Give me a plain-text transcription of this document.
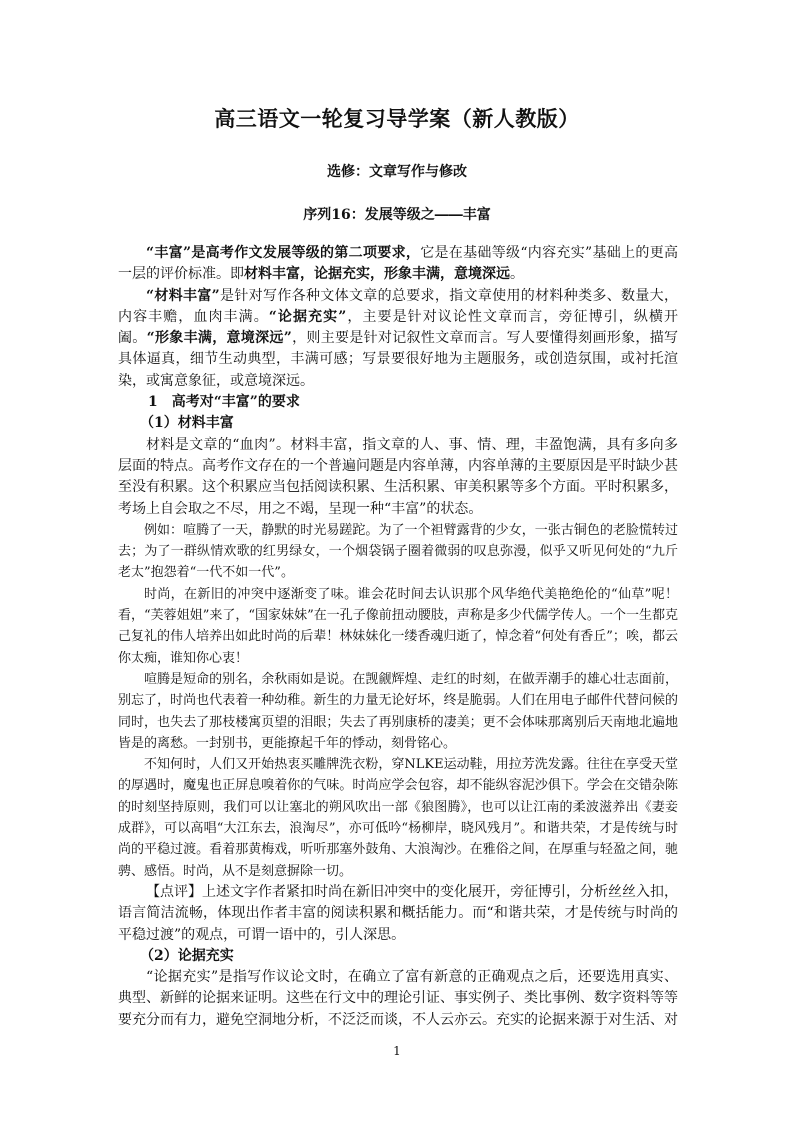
高三语文一轮复习导学案（新人教版）
选修：文章写作与修改
序列16：发展等级之――丰富

“丰富”是高考作文发展等级的第二项要求，它是在基础等级“内容充实”基础上的更高一层的评价标准。即材料丰富，论据充实，形象丰满，意境深远。

“材料丰富”是针对写作各种文体文章的总要求，指文章使用的材料种类多、数量大，内容丰赡，血肉丰满。“论据充实”，主要是针对议论性文章而言，旁征博引，纵横开阖。“形象丰满，意境深远”，则主要是针对记叙性文章而言。写人要懂得刻画形象，描写具体逼真，细节生动典型，丰满可感；写景要很好地为主题服务，或创造氛围，或衬托渲染，或寓意象征，或意境深远。

1　高考对“丰富”的要求

（1）材料丰富

材料是文章的“血肉”。材料丰富，指文章的人、事、情、理，丰盈饱满，具有多向多层面的特点。高考作文存在的一个普遍问题是内容单薄，内容单薄的主要原因是平时缺少甚至没有积累。这个积累应当包括阅读积累、生活积累、审美积累等多个方面。平时积累多，考场上自会取之不尽，用之不竭，呈现一种“丰富”的状态。

例如：喧腾了一天，静默的时光易蹉跎。为了一个袒臂露背的少女，一张古铜色的老脸慌转过去；为了一群纵情欢歌的红男绿女，一个烟袋锅子圈着微弱的叹息弥漫，似乎又听见何处的“九斤老太”抱怨着“一代不如一代”。

时尚，在新旧的冲突中逐渐变了味。谁会花时间去认识那个风华绝代美艳绝伦的“仙草”呢！看，“芙蓉姐姐”来了，“国家妹妹”在一孔子像前扭动腰肢，声称是多少代儒学传人。一个一生都克己复礼的伟人培养出如此时尚的后辈！林妹妹化一缕香魂归逝了，悼念着“何处有香丘”；唉，都云你太痴，谁知你心衷！

喧腾是短命的别名，余秋雨如是说。在觊觎辉煌、走红的时刻，在做弄潮手的雄心壮志面前，别忘了，时尚也代表着一种幼稚。新生的力量无论好坏，终是脆弱。人们在用电子邮件代替问候的同时，也失去了那枝楼寓页望的泪眼；失去了再别康桥的凄美；更不会体味那离别后天南地北遍地皆是的离愁。一封别书，更能撩起千年的悸动，刻骨铭心。

不知何时，人们又开始热衷买雕牌洗衣粉，穿NLKE运动鞋，用拉芳洗发露。往往在享受天堂的厚遇时，魔鬼也正屏息嗅着你的气味。时尚应学会包容，却不能纵容泥沙俱下。学会在交错杂陈的时刻坚持原则，我们可以让塞北的朔风吹出一部《狼图腾》，也可以让江南的柔波滋养出《妻妾成群》，可以高唱“大江东去，浪淘尽”，亦可低吟“杨柳岸，晓风残月”。和谐共荣，才是传统与时尚的平稳过渡。看着那黄梅戏，听听那塞外鼓角、大浪淘沙。在雅俗之间，在厚重与轻盈之间，驰骋、感悟。时尚，从不是刻意摒除一切。

【点评】上述文字作者紧扣时尚在新旧冲突中的变化展开，旁征博引，分析丝丝入扣，语言简洁流畅，体现出作者丰富的阅读积累和概括能力。而“和谐共荣，才是传统与时尚的平稳过渡”的观点，可谓一语中的，引人深思。

（2）论据充实

“论据充实”是指写作议论文时，在确立了富有新意的正确观点之后，还要选用真实、典型、新鲜的论据来证明。这些在行文中的理论引证、事实例子、类比事例、数字资料等等要充分而有力，避免空洞地分析，不泛泛而谈，不人云亦云。充实的论据来源于对生活、对

1
